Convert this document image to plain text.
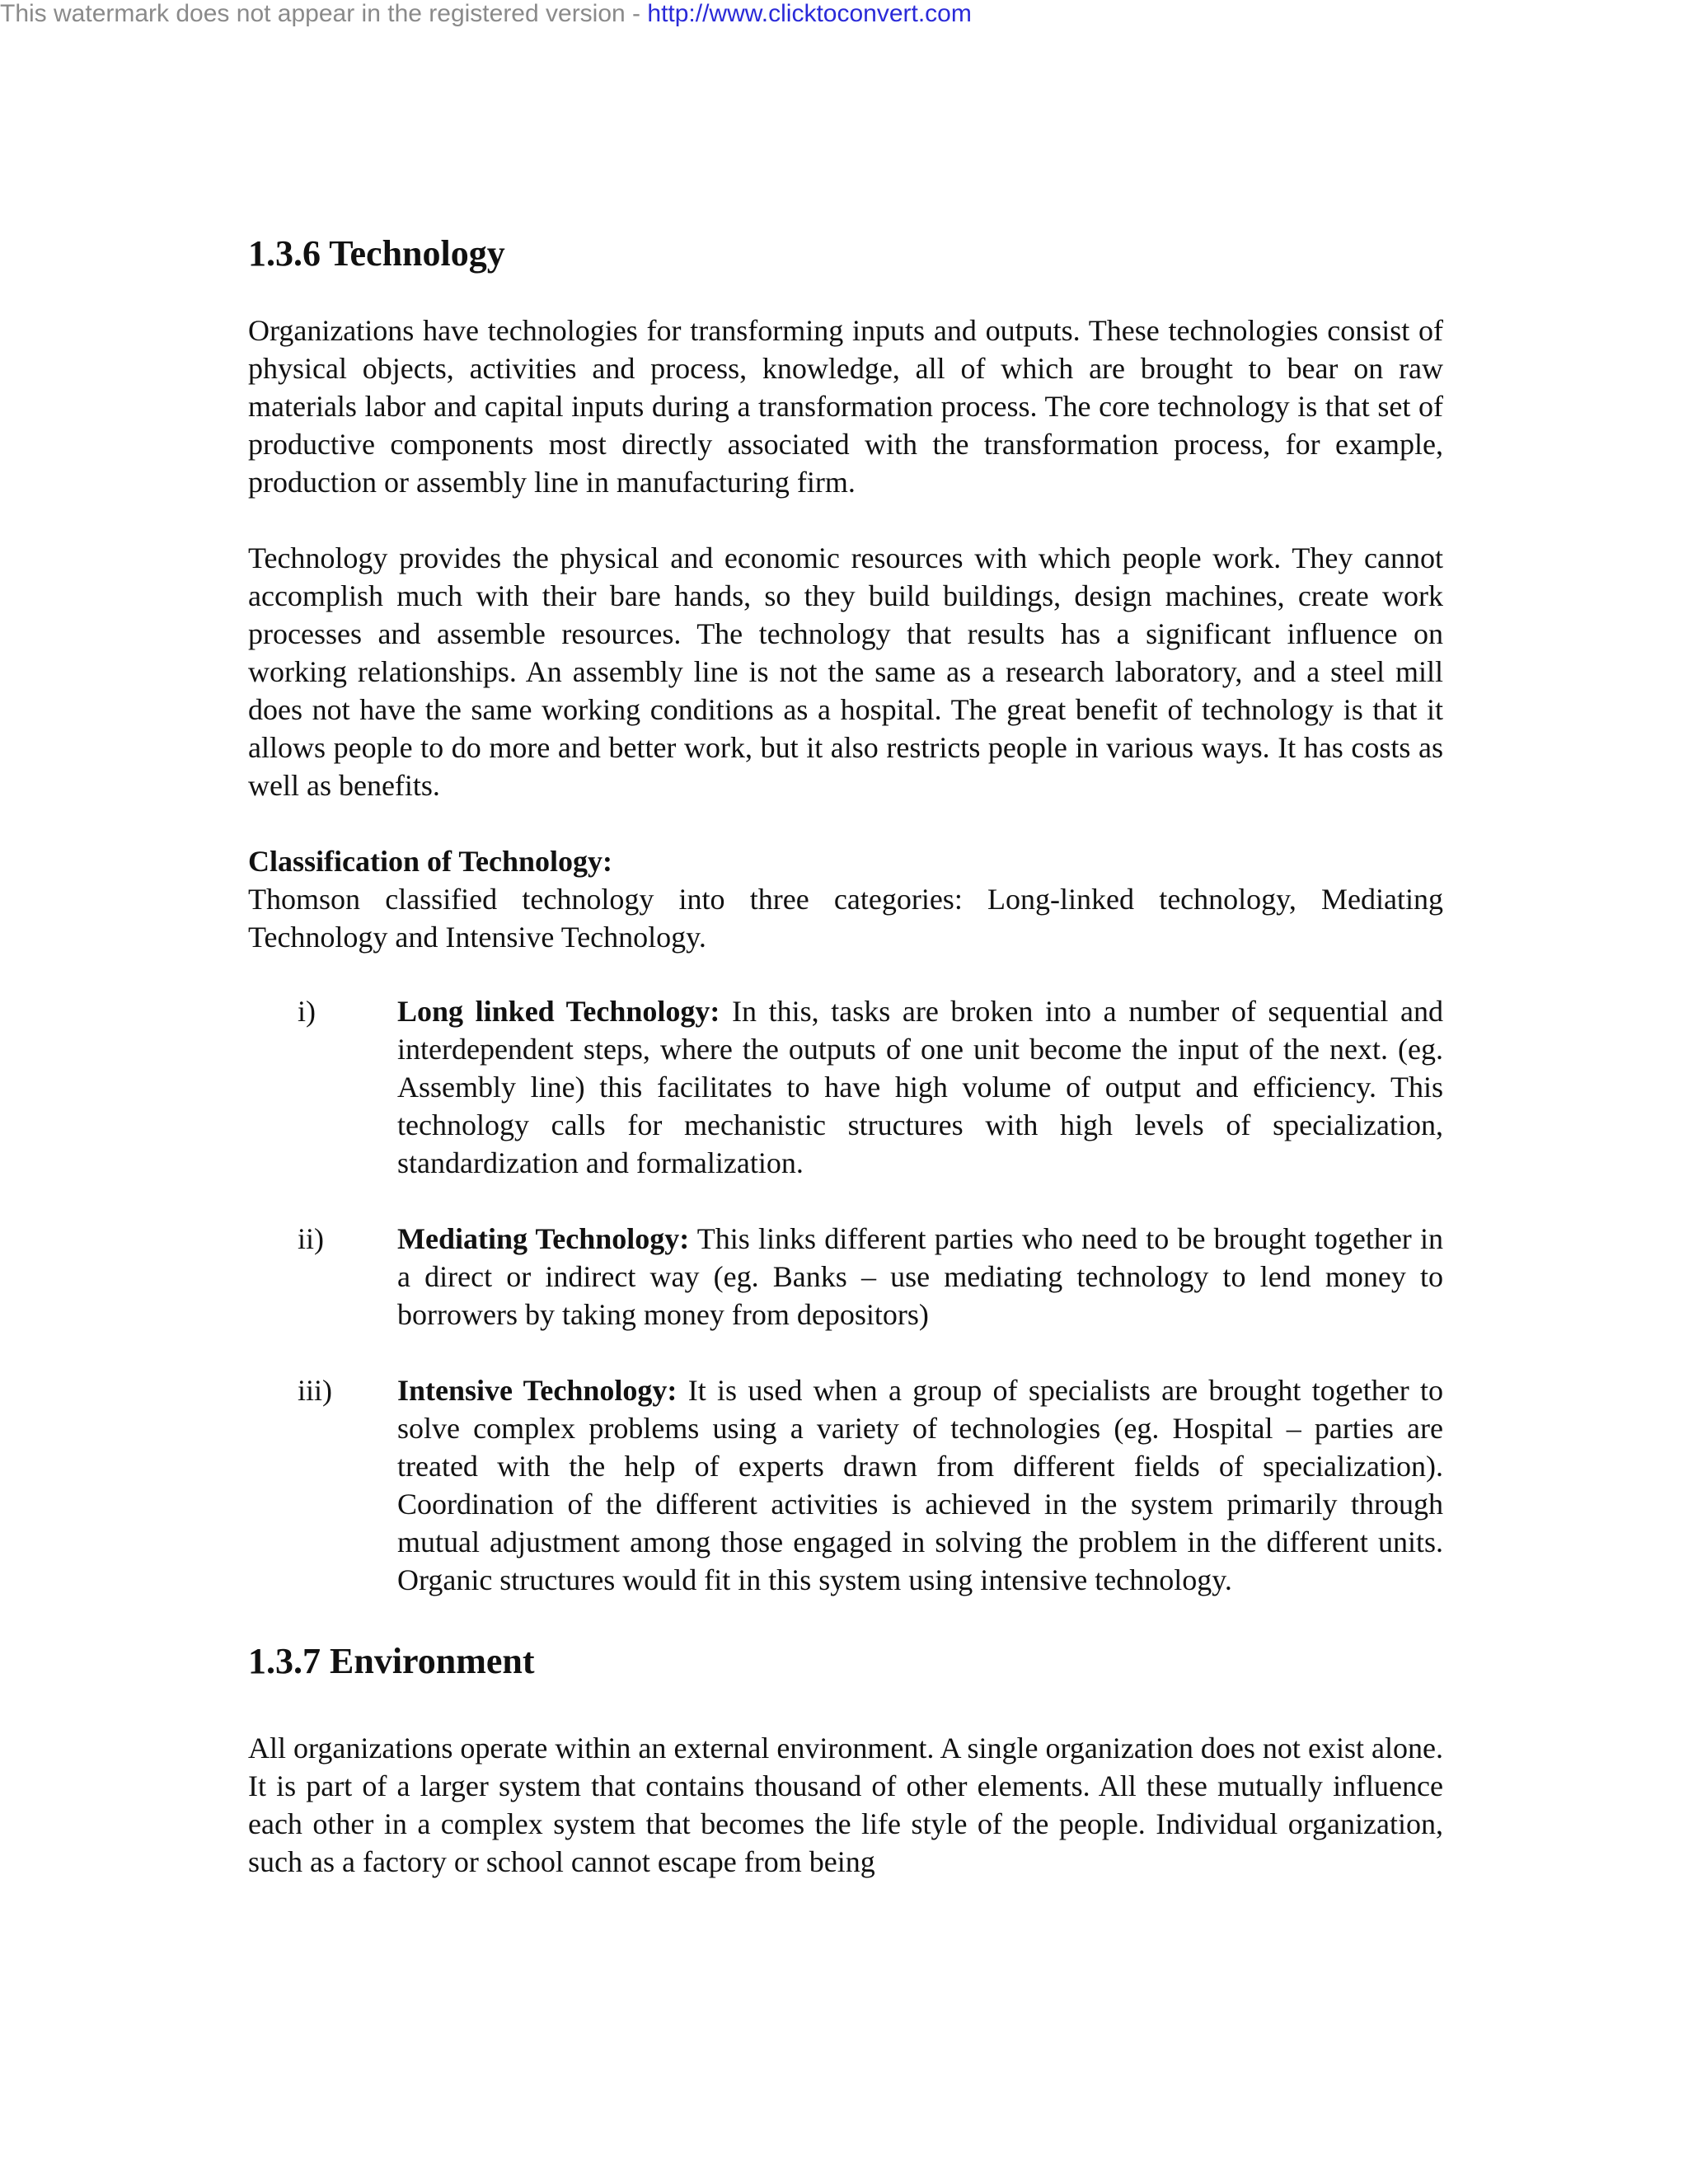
This watermark does not appear in the registered version - http://www.clicktoconvert.com
1.3.6 Technology

Organizations have technologies for transforming inputs and outputs. These technologies consist of physical objects, activities and process, knowledge, all of which are brought to bear on raw materials labor and capital inputs during a transformation process. The core technology is that set of productive components most directly associated with the transformation process, for example, production or assembly line in manufacturing firm.

Technology provides the physical and economic resources with which people work. They cannot accomplish much with their bare hands, so they build buildings, design machines, create work processes and assemble resources. The technology that results has a significant influence on working relationships. An assembly line is not the same as a research laboratory, and a steel mill does not have the same working conditions as a hospital. The great benefit of technology is that it allows people to do more and better work, but it also restricts people in various ways. It has costs as well as benefits.

Classification of Technology:

Thomson classified technology into three categories: Long-linked technology, Mediating Technology and Intensive Technology.

i)	Long linked Technology: In this, tasks are broken into a number of sequential and interdependent steps, where the outputs of one unit become the input of the next. (eg. Assembly line) this facilitates to have high volume of output and efficiency. This technology calls for mechanistic structures with high levels of specialization, standardization and formalization.
ii)	Mediating Technology: This links different parties who need to be brought together in a direct or indirect way (eg. Banks – use mediating technology to lend money to borrowers by taking money from depositors)
iii)	Intensive Technology: It is used when a group of specialists are brought together to solve complex problems using a variety of technologies (eg. Hospital – parties are treated with the help of experts drawn from different fields of specialization). Coordination of the different activities is achieved in the system primarily through mutual adjustment among those engaged in solving the problem in the different units. Organic structures would fit in this system using intensive technology.
1.3.7 Environment

All organizations operate within an external environment. A single organization does not exist alone. It is part of a larger system that contains thousand of other elements. All these mutually influence each other in a complex system that becomes the life style of the people. Individual organization, such as a factory or school cannot escape from being
